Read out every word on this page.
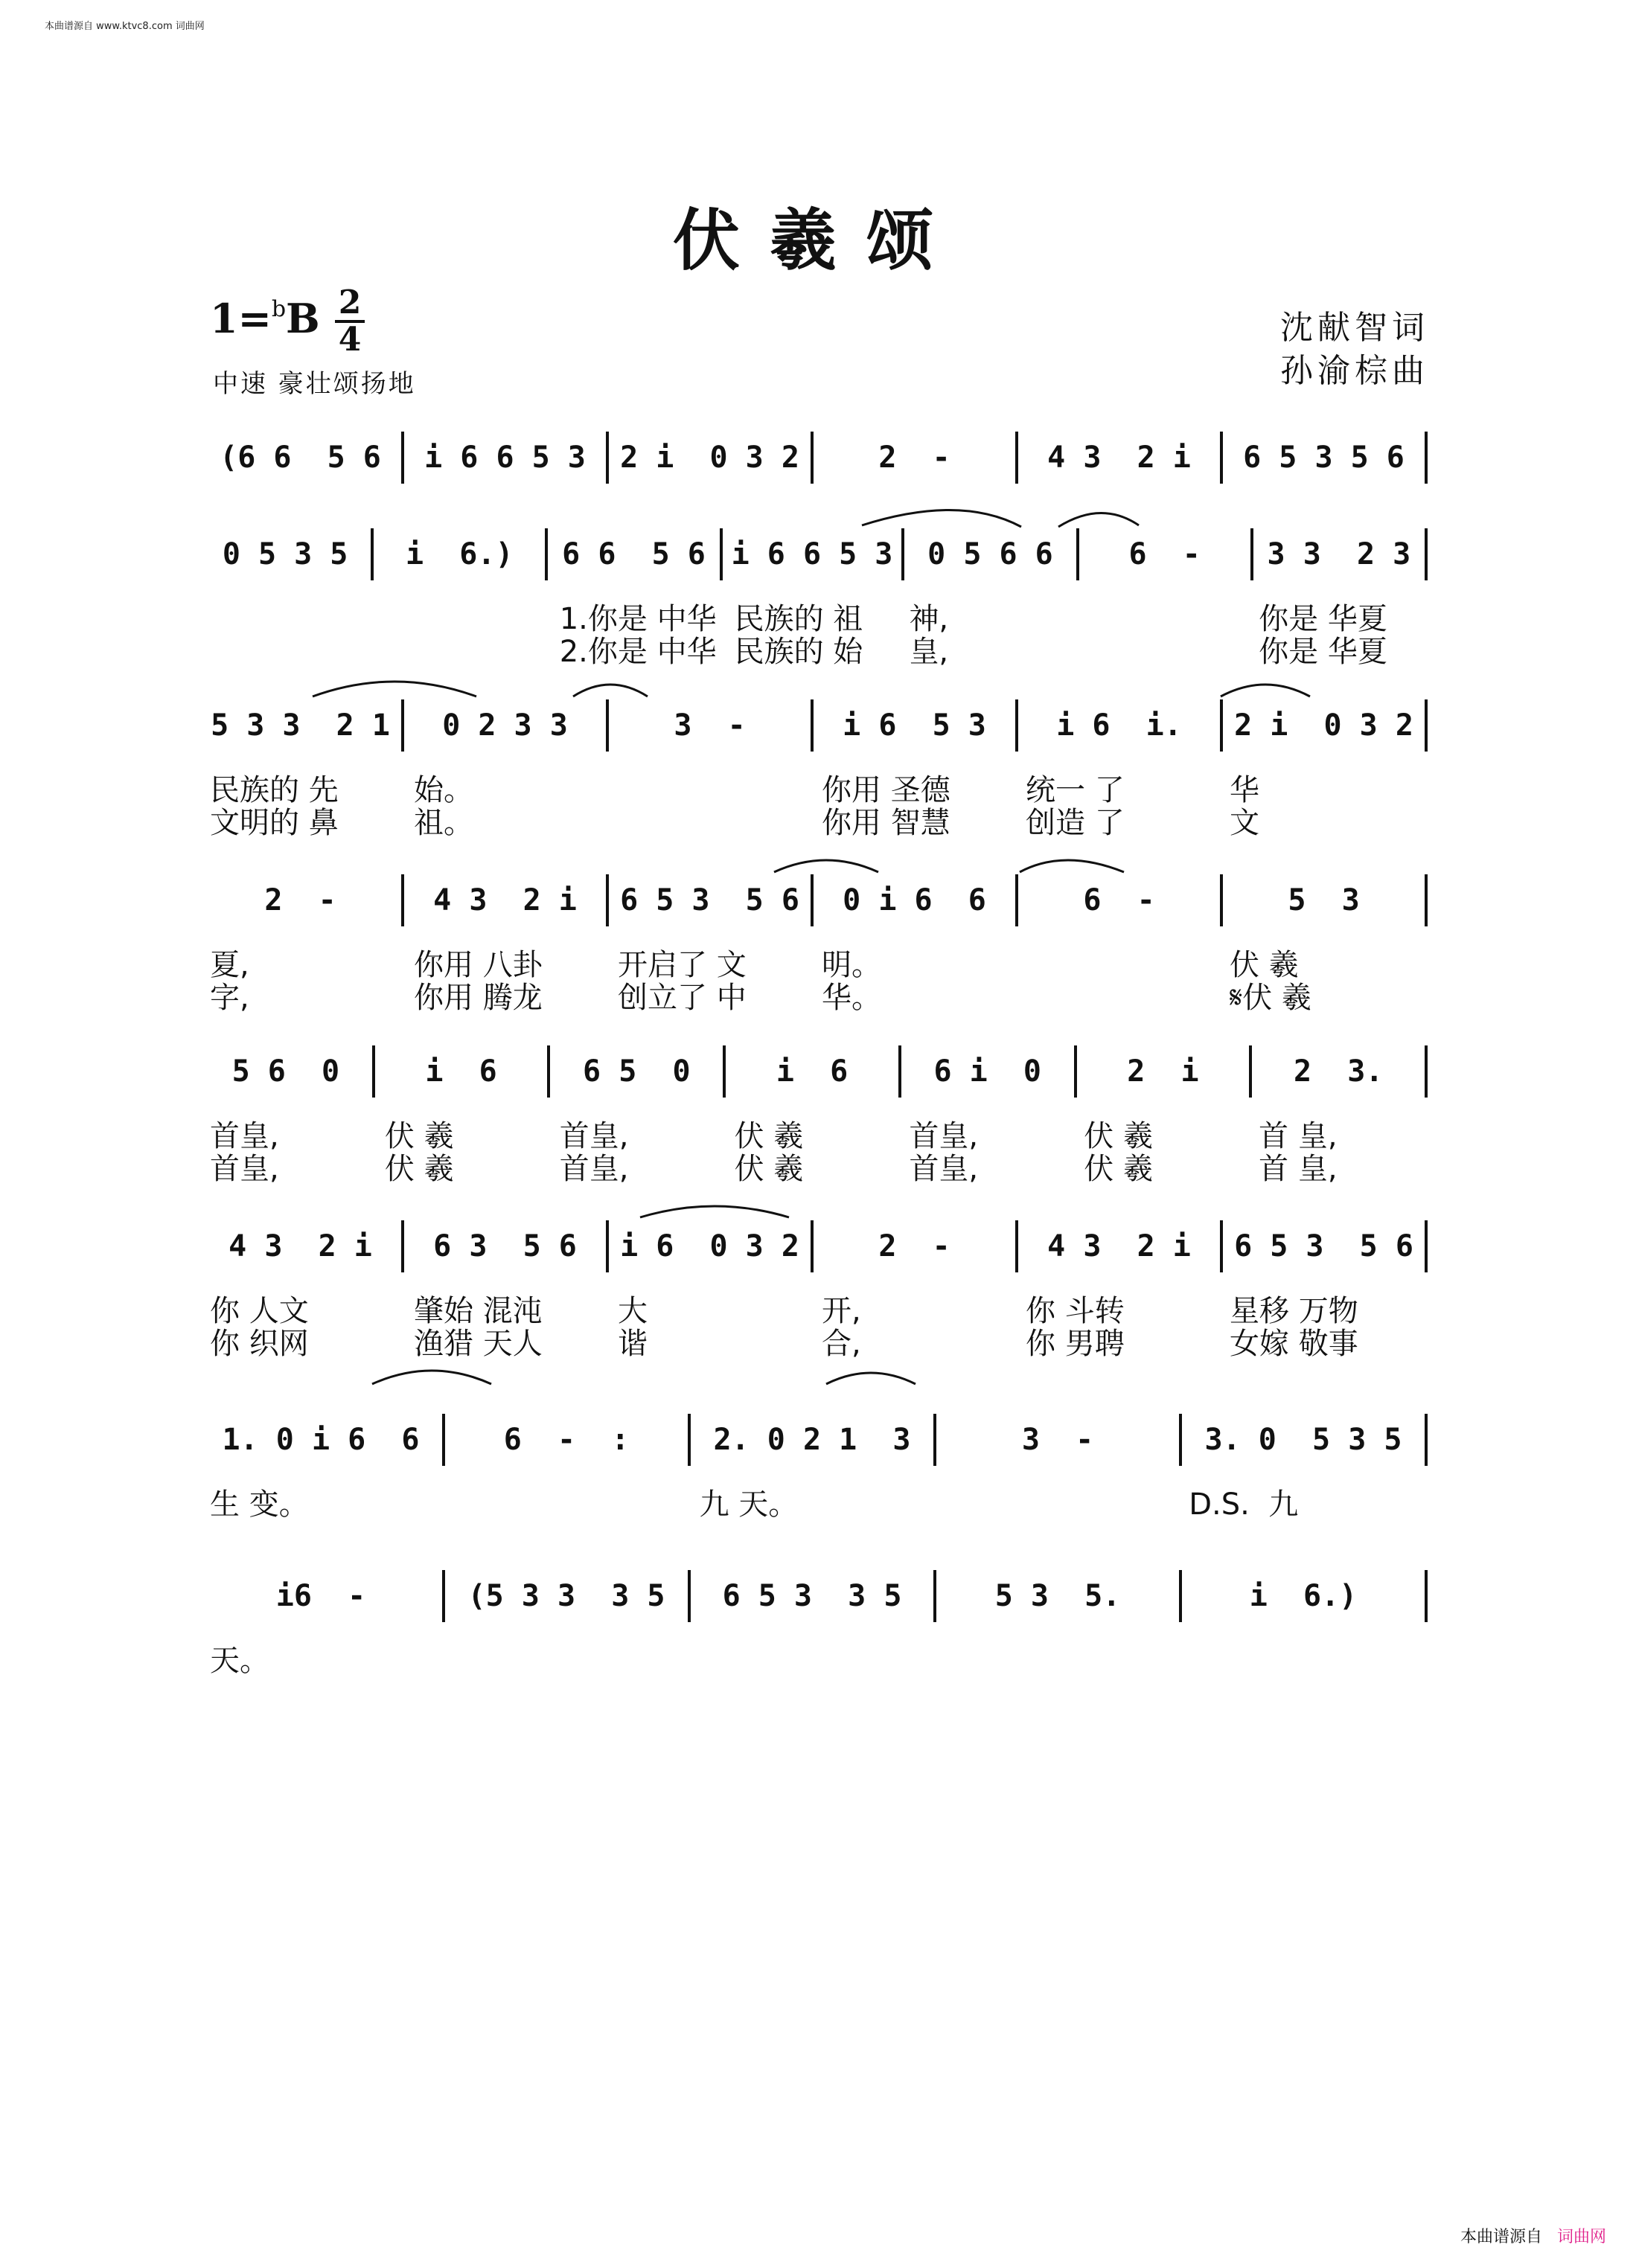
本曲谱源自 www.ktvc8.com 词曲网
伏羲颂
1=$^b$B 2
4
中速 豪壮颂扬地
沈献智词
孙渝棕曲
(6 6  5 6	i 6 6 5 3	2 i  0 3 2	2  -	4 3  2 i	6 5 3 5 6
0 5 3 5	i  6.)	6 6  5 6 i 6 6 5 3	0 5 6 6	6  -	3 3  2 3
1.你是 中华 民族的 祖	神,	你是 华夏
2.你是 中华 民族的 始	皇,	你是 华夏
5 3 3  2 1	0 2 3 3	3  -	i 6  5 3	i 6  i.	2 i  0 3 2
民族的 先	始。	你用 圣德	统一 了	华
文明的 鼻	祖。	你用 智慧	创造 了	文
2  -	4 3  2 i	6 5 3  5 6	0 i 6  6	6  -	5  3
夏,	你用 八卦	开启了 文	明。	伏 羲
字,	你用 腾龙	创立了 中	华。	𝄋伏 羲
5 6  0	i  6	6 5  0	i  6	6 i  0	2  i	2  3.
首皇,	伏 羲	首皇,	伏 羲	首皇,	伏 羲	首 皇,
首皇,	伏 羲	首皇,	伏 羲	首皇,	伏 羲	首 皇,
4 3  2 i	6 3  5 6	i 6  0 3 2	2  -	4 3  2 i	6 5 3  5 6
你 人文	肇始 混沌	大	开,	你 斗转	星移 万物
你 织网	渔猎 天人	谐	合,	你 男聘	女嫁 敬事
1. 0 i 6  6	6  -  :	2. 0 2 1  3	3  -	3. 0  5 3 5
生 变。	九 天。	D.S.  九
i6  -	(5 3 3  3 5	6 5 3  3 5	5 3  5.	i  6.)
天。
本曲谱源自 词曲网
